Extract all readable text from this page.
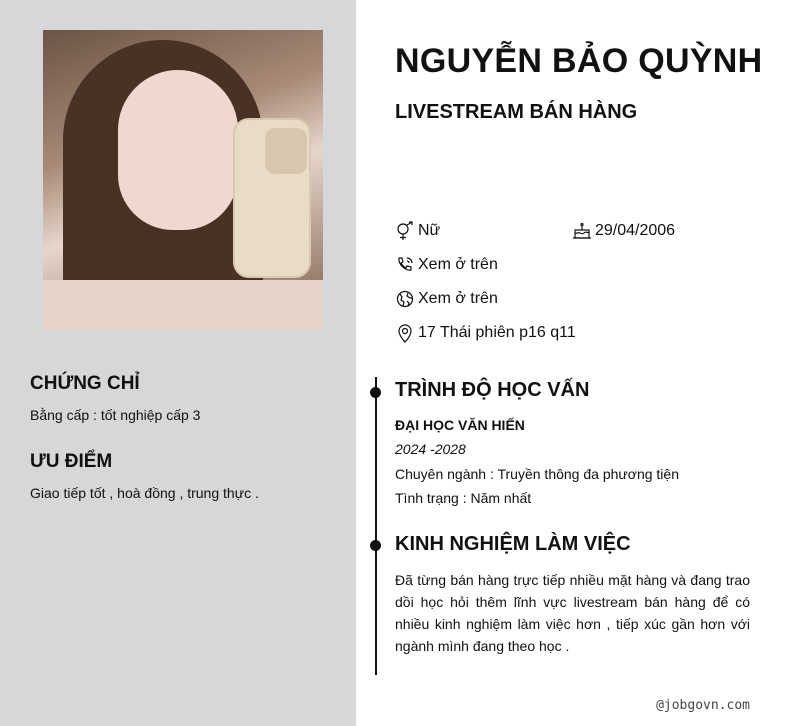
CHỨNG CHỈ
Bằng cấp : tốt nghiệp cấp 3
ƯU ĐIỂM
Giao tiếp tốt , hoà đồng , trung thực .
NGUYỄN BẢO QUỲNH
LIVESTREAM BÁN HÀNG
Nữ	29/04/2006
Xem ở trên
Xem ở trên
17 Thái phiên p16 q11
TRÌNH ĐỘ HỌC VẤN
ĐẠI HỌC VĂN HIẾN
2024 -2028
Chuyên ngành : Truyền thông đa phương tiện
Tình trạng : Năm nhất
KINH NGHIỆM LÀM VIỆC
Đã từng bán hàng trực tiếp nhiều mặt hàng và đang trao dồi học hỏi thêm lĩnh vực livestream bán hàng để có nhiều kinh nghiệm làm việc hơn , tiếp xúc gần hơn với ngành mình đang theo học .
@jobgovn.com
